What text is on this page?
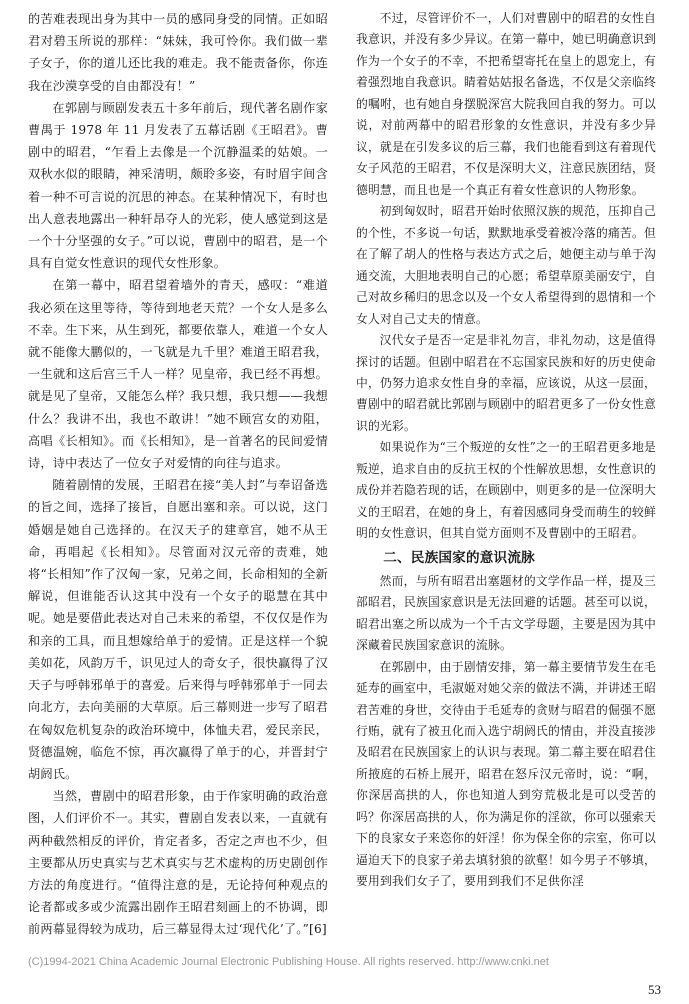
的苦难表现出身为其中一员的感同身受的同情。正如昭君对碧玉所说的那样：“妹妹，我可怜你。我们做一辈子女子，你的道儿还比我的难走。我不能责备你，你连我在沙漠享受的自由都没有！”

在郭剧与顾剧发表五十多年前后，现代著名剧作家曹禺于 1978 年 11 月发表了五幕话剧《王昭君》。曹剧中的昭君，“乍看上去像是一个沉静温柔的姑娘。一双秋水似的眼睛，神采清明，颇聆多姿，有时眉宇间含着一种不可言说的沉思的神态。在某种情况下，有时也出人意表地露出一种轩昂夺人的光彩，使人感觉到这是一个十分坚强的女子。”可以说，曹剧中的昭君，是一个具有自觉女性意识的现代女性形象。

在第一幕中，昭君望着墙外的青天，感叹：“难道我必须在这里等待，等待到地老天荒？一个女人是多么不幸。生下来，从生到死，都要依靠人，难道一个女人就不能像大鹏似的，一飞就是九千里？难道王昭君我，一生就和这后宫三千人一样？见皇帝，我已经不再想。就是见了皇帝，又能怎么样？我只想，我只想——我想什么？我讲不出，我也不敢讲！”她不顾宫女的劝阻，高唱《长相知》。而《长相知》，是一首著名的民间爱情诗，诗中表达了一位女子对爱情的向往与追求。

随着剧情的发展，王昭君在接“美人封”与奉诏备选的旨之间，选择了接旨，自愿出塞和亲。可以说，这门婚姻是她自己选择的。在汉天子的建章宫，她不从王命，再唱起《长相知》。尽管面对汉元帝的责难，她将“长相知”作了汉匈一家，兄弟之间，长命相知的全新解说，但谁能否认这其中没有一个女子的聪慧在其中呢。她是要借此表达对自己未来的希望，不仅仅是作为和亲的工具，而且想嫁给单于的爱情。正是这样一个貌美如花，风韵万千，识见过人的奇女子，很快赢得了汉天子与呼韩邪单于的喜爱。后来得与呼韩邪单于一同去向北方，去向美丽的大草原。后三幕则进一步写了昭君在匈奴危机复杂的政治环境中，体恤夫君，爱民亲民，贤德温婉，临危不惊，再次赢得了单于的心，并晋封宁胡阏氏。

当然，曹剧中的昭君形象，由于作家明确的政治意图，人们评价不一。其实，曹剧自发表以来，一直就有两种截然相反的评价，肯定者多，否定之声也不少，但主要都从历史真实与艺术真实与艺术虚构的历史剧创作方法的角度进行。“值得注意的是，无论持何种观点的论者都或多或少流露出剧作王昭君刻画上的不协调，即前两幕显得较为成功，后三幕显得太过‘现代化’了。”[6]

不过，尽管评价不一，人们对曹剧中的昭君的女性自我意识，并没有多少异议。在第一幕中，她已明确意识到作为一个女子的不幸，不把希望寄托在皇上的恩宠上，有着强烈地自我意识。睛着姑姑报名备选，不仅是父亲临终的嘱咐，也有她自身摆脱深宫大院我回自我的努力。可以说，对前两幕中的昭君形象的女性意识，并没有多少异议，就是在引发多议的后三幕，我们也能看到这有着现代女子风范的王昭君，不仅是深明大义，注意民族团结，贤德明慧，而且也是一个真正有着女性意识的人物形象。

初到匈奴时，昭君开始时依照汉族的规范，压抑自己的个性，不多说一句话，默默地承受着被冷落的痛苦。但在了解了胡人的性格与表达方式之后，她便主动与单于沟通交流，大胆地表明自己的心愿；希望草原美丽安宁，自己对故乡稀归的思念以及一个女人希望得到的恩情和一个女人对自己丈夫的情意。

汉代女子是否一定是非礼勿言，非礼勿动，这是值得探讨的话题。但剧中昭君在不忘国家民族和好的历史使命中，仍努力追求女性自身的幸福，应该说，从这一层面，曹剧中的昭君就比郭剧与顾剧中的昭君更多了一份女性意识的光彩。

如果说作为“三个叛逆的女性”之一的王昭君更多地是叛逆，追求自由的反抗王权的个性解放思想，女性意识的成份并若隐若现的话，在顾剧中，则更多的是一位深明大义的王昭君，在她的身上，有着因感同身受而萌生的较鲜明的女性意识，但其自觉方面则不及曹剧中的王昭君。

二、民族国家的意识流脉

然而，与所有昭君出塞题材的文学作品一样，提及三部昭君，民族国家意识是无法回避的话题。甚至可以说，昭君出塞之所以成为一个千古文学母题，主要是因为其中深藏着民族国家意识的流脉。

在郭剧中，由于剧情安排，第一幕主要情节发生在毛延寿的画室中，毛淑姬对她父亲的做法不满，并讲述王昭君苦难的身世，交待由于毛延寿的贪财与昭君的倔强不愿行贿，就有了被丑化而入选宁胡阏氏的情由，并没直接涉及昭君在民族国家上的认识与表现。第二幕主要在昭君住所掖庭的石桥上展开，昭君在怒斥汉元帝时，说：“啊，你深居高拱的人，你也知道人到穷荒极北是可以受苦的吗？你深居高拱的人，你为满足你的淫欲，你可以强索天下的良家女子来恣你的奸淫！你为保全你的宗室，你可以逼迫天下的良家子弟去填豺狼的欲壑！如今男子不够填，要用到我们女子了，要用到我们不足供你淫

(C)1994-2021 China Academic Journal Electronic Publishing House. All rights reserved. http://www.cnki.net
53
